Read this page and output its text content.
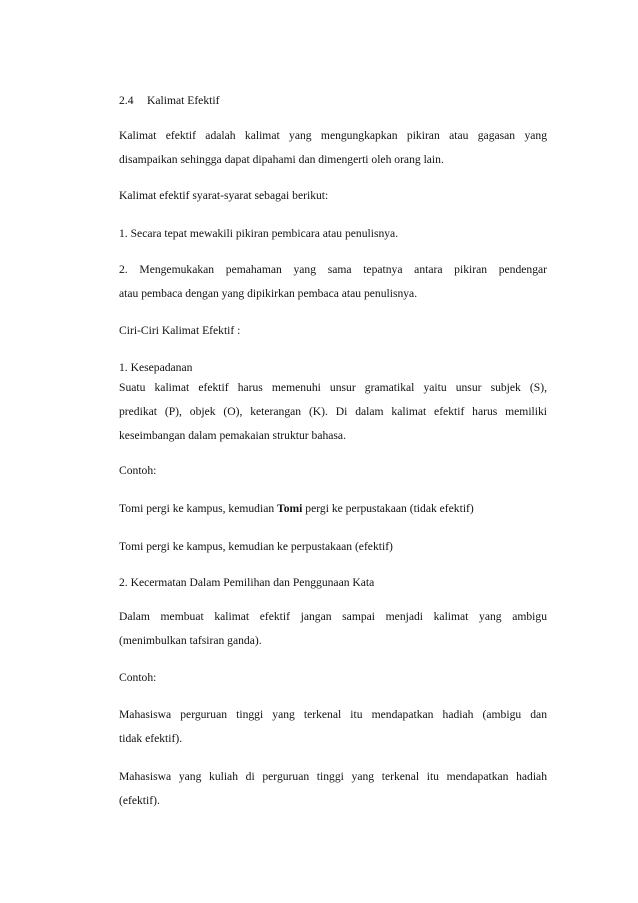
2.4 Kalimat Efektif
Kalimat efektif adalah kalimat yang mengungkapkan pikiran atau gagasan yang
disampaikan sehingga dapat dipahami dan dimengerti oleh orang lain.
Kalimat efektif syarat-syarat sebagai berikut:
1. Secara tepat mewakili pikiran pembicara atau penulisnya.
2. Mengemukakan pemahaman yang sama tepatnya antara pikiran pendengar
atau pembaca dengan yang dipikirkan pembaca atau penulisnya.
Ciri-Ciri Kalimat Efektif :
1. Kesepadanan
Suatu kalimat efektif harus memenuhi unsur gramatikal yaitu unsur subjek (S),
predikat (P), objek (O), keterangan (K). Di dalam kalimat efektif harus memiliki
keseimbangan dalam pemakaian struktur bahasa.
Contoh:
Tomi pergi ke kampus, kemudian Tomi pergi ke perpustakaan (tidak efektif)
Tomi pergi ke kampus, kemudian ke perpustakaan (efektif)
2. Kecermatan Dalam Pemilihan dan Penggunaan Kata
Dalam membuat kalimat efektif jangan sampai menjadi kalimat yang ambigu
(menimbulkan tafsiran ganda).
Contoh:
Mahasiswa perguruan tinggi yang terkenal itu mendapatkan hadiah (ambigu dan
tidak efektif).
Mahasiswa yang kuliah di perguruan tinggi yang terkenal itu mendapatkan hadiah
(efektif).
